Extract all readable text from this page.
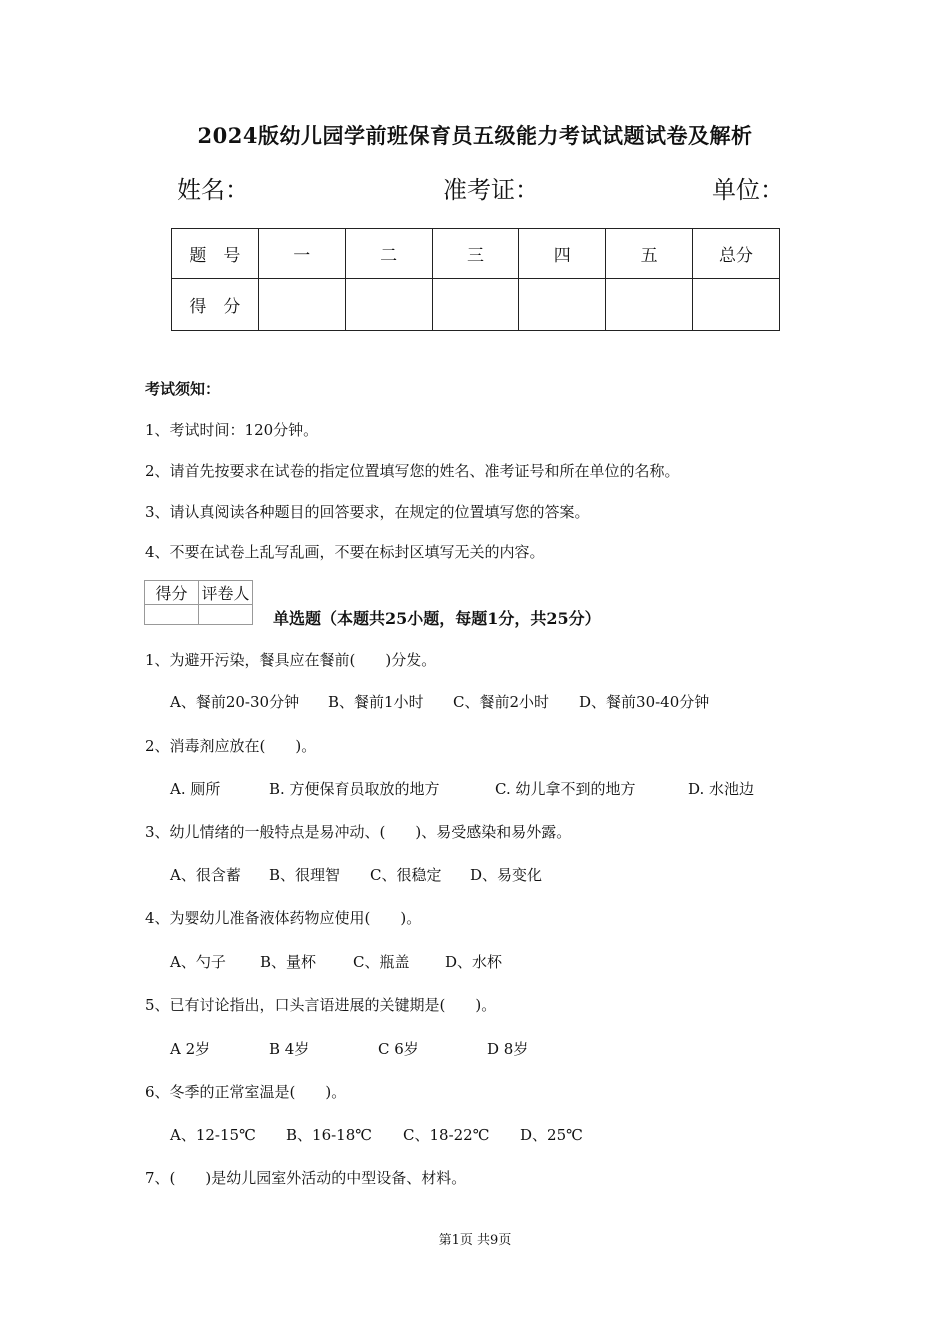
2024版幼儿园学前班保育员五级能力考试试题试卷及解析
姓名：	准考证：	单位：
题　号	一	二	三	四	五	总分
得　分						
考试须知：
1、考试时间：120分钟。
2、请首先按要求在试卷的指定位置填写您的姓名、准考证号和所在单位的名称。
3、请认真阅读各种题目的回答要求，在规定的位置填写您的答案。
4、不要在试卷上乱写乱画，不要在标封区填写无关的内容。
得分	评卷人

单选题（本题共25小题，每题1分，共25分）
1、为避开污染，餐具应在餐前(　　)分发。
A、餐前20-30分钟 B、餐前1小时 C、餐前2小时 D、餐前30-40分钟
2、消毒剂应放在(　　)。
A. 厕所	B. 方便保育员取放的地方	C. 幼儿拿不到的地方	D. 水池边
3、幼儿情绪的一般特点是易冲动、(　　)、易受感染和易外露。
A、很含蓄 B、很理智 C、很稳定 D、易变化
4、为婴幼儿准备液体药物应使用(　　)。
A、勺子 B、量杯 C、瓶盖 D、水杯
5、已有讨论指出，口头言语进展的关键期是(　　)。
A 2岁	B 4岁	C 6岁	D 8岁
6、冬季的正常室温是(　　)。
A、12-15℃ B、16-18℃ C、18-22℃ D、25℃
7、(　　)是幼儿园室外活动的中型设备、材料。
第1页 共9页
